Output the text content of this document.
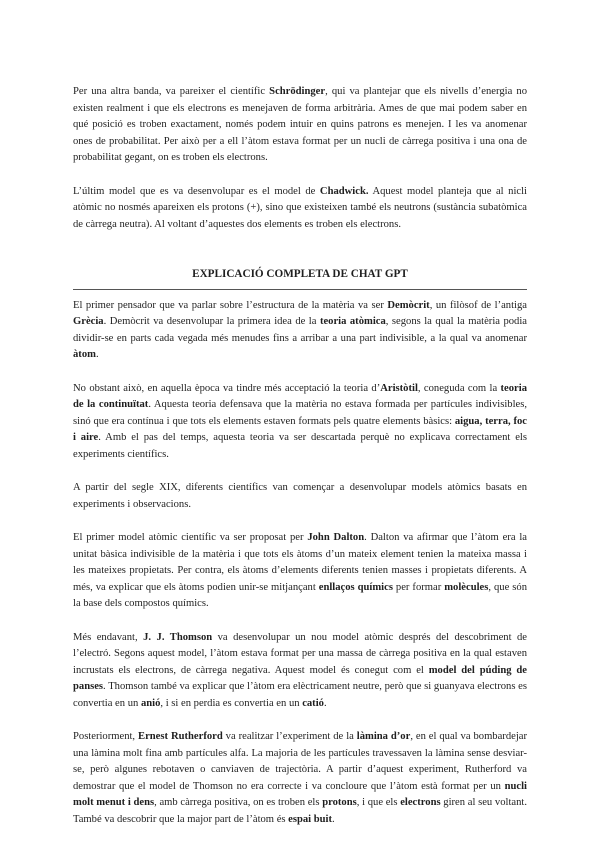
Per una altra banda, va pareixer el científic Schrödinger, qui va plantejar que els nivells d’energia no existen realment i que els electrons es menejaven de forma arbitrària. Ames de que mai podem saber en qué posició es troben exactament, només podem intuir en quins patrons es menejen. I les va anomenar ones de probabilitat. Per això per a ell l’àtom estava format per un nucli de càrrega positiva i una ona de probabilitat gegant, on es troben els electrons.

L’últim model que es va desenvolupar es el model de Chadwick. Aquest model planteja que al nicli atòmic no nosmés apareixen els protons (+), sino que existeixen també els neutrons (sustància subatòmica de càrrega neutra). Al voltant d’aquestes dos elements es troben els electrons.

EXPLICACIÓ COMPLETA DE CHAT GPT

El primer pensador que va parlar sobre l’estructura de la matèria va ser Demòcrit, un filòsof de l’antiga Grècia. Demòcrit va desenvolupar la primera idea de la teoria atòmica, segons la qual la matèria podia dividir-se en parts cada vegada més menudes fins a arribar a una part indivisible, a la qual va anomenar àtom.

No obstant això, en aquella època va tindre més acceptació la teoria d’Aristòtil, coneguda com la teoria de la continuïtat. Aquesta teoria defensava que la matèria no estava formada per partícules indivisibles, sinó que era contínua i que tots els elements estaven formats pels quatre elements bàsics: aigua, terra, foc i aire. Amb el pas del temps, aquesta teoria va ser descartada perquè no explicava correctament els experiments científics.

A partir del segle XIX, diferents científics van començar a desenvolupar models atòmics basats en experiments i observacions.

El primer model atòmic científic va ser proposat per John Dalton. Dalton va afirmar que l’àtom era la unitat bàsica indivisible de la matèria i que tots els àtoms d’un mateix element tenien la mateixa massa i les mateixes propietats. Per contra, els àtoms d’elements diferents tenien masses i propietats diferents. A més, va explicar que els àtoms podien unir-se mitjançant enllaços químics per formar molècules, que són la base dels compostos químics.

Més endavant, J. J. Thomson va desenvolupar un nou model atòmic després del descobriment de l’electró. Segons aquest model, l’àtom estava format per una massa de càrrega positiva en la qual estaven incrustats els electrons, de càrrega negativa. Aquest model és conegut com el model del púding de panses. Thomson també va explicar que l’àtom era elèctricament neutre, però que si guanyava electrons es convertia en un anió, i si en perdia es convertia en un catió.

Posteriorment, Ernest Rutherford va realitzar l’experiment de la làmina d’or, en el qual va bombardejar una làmina molt fina amb partícules alfa. La majoria de les partícules travessaven la làmina sense desviar-se, però algunes rebotaven o canviaven de trajectòria. A partir d’aquest experiment, Rutherford va demostrar que el model de Thomson no era correcte i va concloure que l’àtom està format per un nucli molt menut i dens, amb càrrega positiva, on es troben els protons, i que els electrons giren al seu voltant. També va descobrir que la major part de l’àtom és espai buit.
